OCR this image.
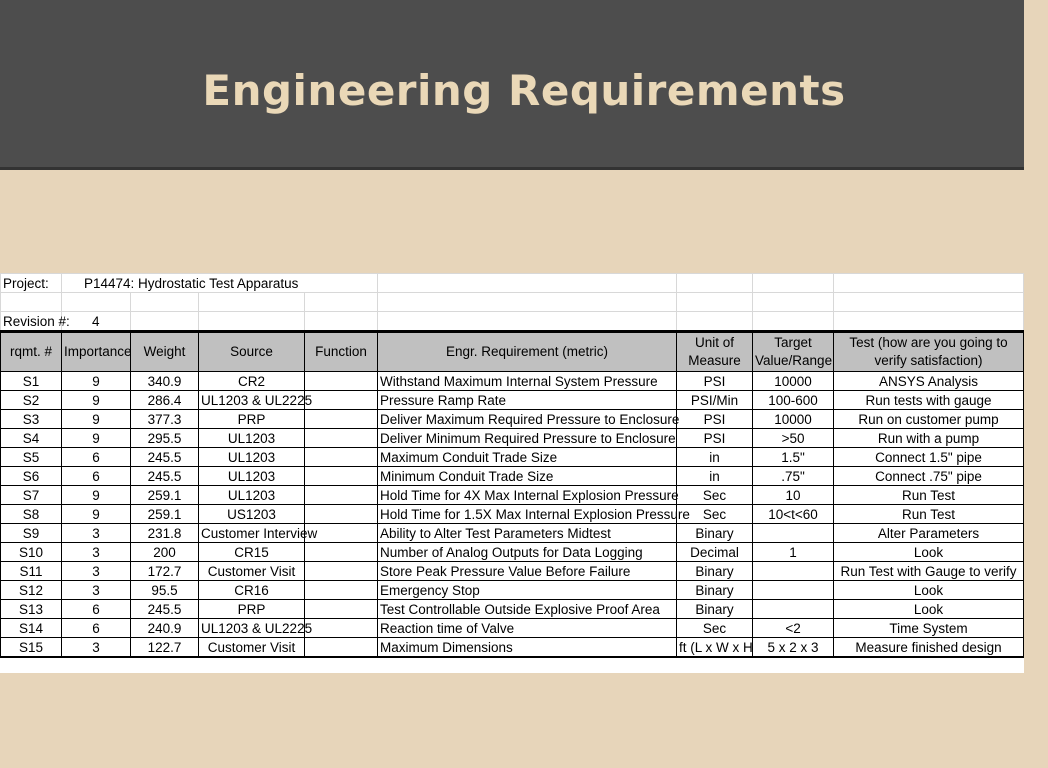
Engineering Requirements
Project:	P14474: Hydrostatic Test Apparatus							

Revision #:	4							
rqmt. #	Importance	Weight	Source	Function	Engr. Requirement (metric)	Unit of Measure	Target Value/Range	Test (how are you going to verify satisfaction)
S1	9	340.9	CR2		Withstand Maximum Internal System Pressure	PSI	10000	ANSYS Analysis
S2	9	286.4	UL1203 & UL2225		Pressure Ramp Rate	PSI/Min	100-600	Run tests with gauge
S3	9	377.3	PRP		Deliver Maximum Required Pressure to Enclosure	PSI	10000	Run on customer pump
S4	9	295.5	UL1203		Deliver Minimum Required Pressure to Enclosure	PSI	>50	Run with a pump
S5	6	245.5	UL1203		Maximum Conduit Trade Size	in	1.5"	Connect 1.5" pipe
S6	6	245.5	UL1203		Minimum Conduit Trade Size	in	.75"	Connect .75" pipe
S7	9	259.1	UL1203		Hold Time for 4X Max Internal Explosion Pressure	Sec	10	Run Test
S8	9	259.1	US1203		Hold Time for 1.5X Max Internal Explosion Pressure	Sec	10<t<60	Run Test
S9	3	231.8	Customer Interview		Ability to Alter Test Parameters Midtest	Binary		Alter Parameters
S10	3	200	CR15		Number of Analog Outputs for Data Logging	Decimal	1	Look
S11	3	172.7	Customer Visit		Store Peak Pressure Value Before Failure	Binary		Run Test with Gauge to verify
S12	3	95.5	CR16		Emergency Stop	Binary		Look
S13	6	245.5	PRP		Test Controllable Outside Explosive Proof Area	Binary		Look
S14	6	240.9	UL1203 & UL2225		Reaction time of Valve	Sec	<2	Time System
S15	3	122.7	Customer Visit		Maximum Dimensions	ft (L x W x H	5 x 2 x 3	Measure finished design
